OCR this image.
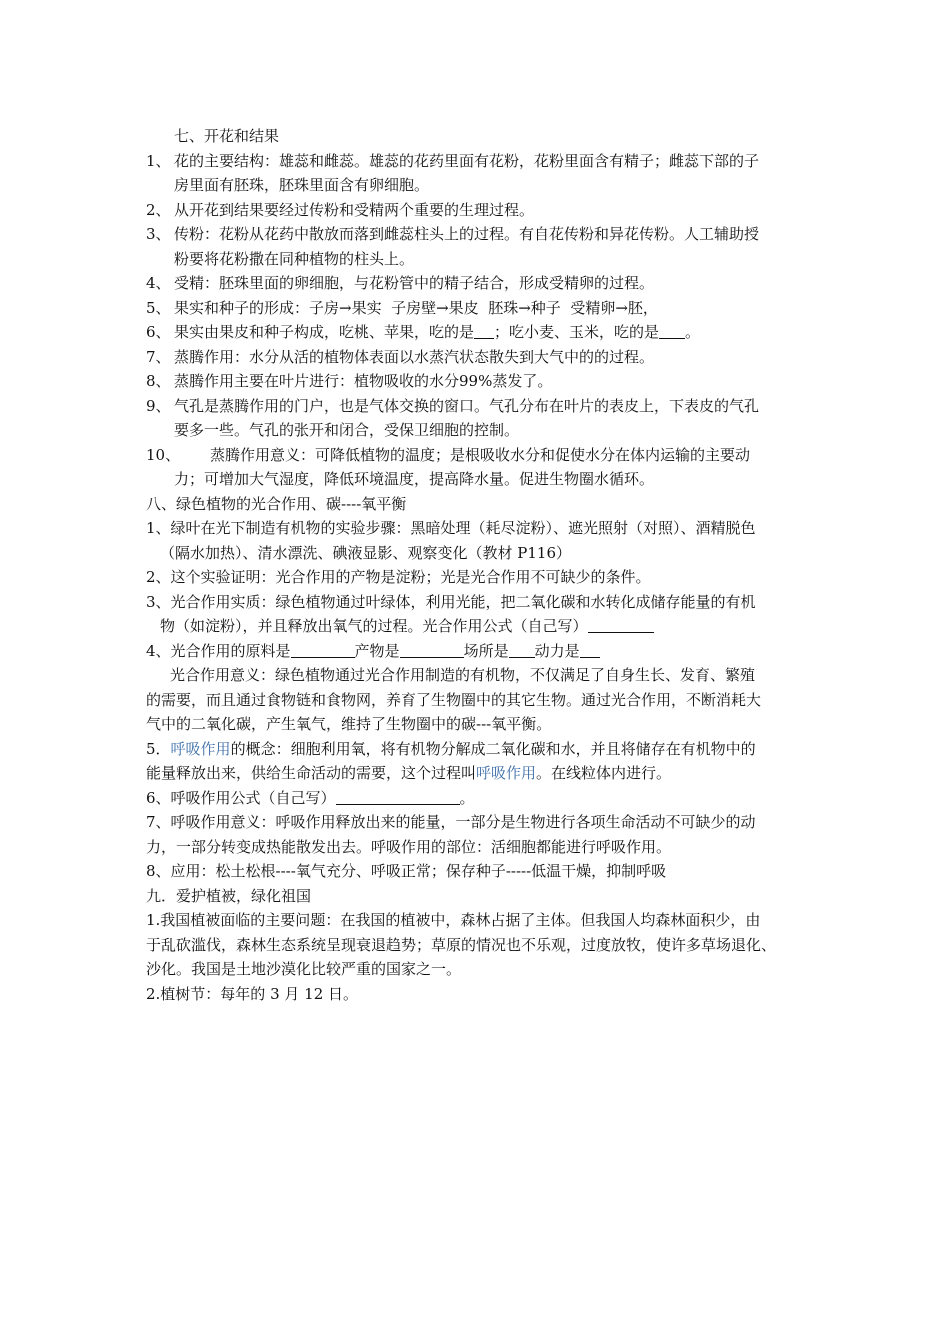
七、开花和结果
1、 花的主要结构：雄蕊和雌蕊。雄蕊的花药里面有花粉，花粉里面含有精子；雌蕊下部的子
房里面有胚珠，胚珠里面含有卵细胞。
2、 从开花到结果要经过传粉和受精两个重要的生理过程。
3、 传粉：花粉从花药中散放而落到雌蕊柱头上的过程。有自花传粉和异花传粉。人工辅助授
粉要将花粉撒在同种植物的柱头上。
4、 受精：胚珠里面的卵细胞，与花粉管中的精子结合，形成受精卵的过程。
5、 果实和种子的形成：子房→果实  子房壁→果皮  胚珠→种子  受精卵→胚，
6、 果实由果皮和种子构成，吃桃、苹果，吃的是 ；吃小麦、玉米，吃的是 。
7、 蒸腾作用：水分从活的植物体表面以水蒸汽状态散失到大气中的的过程。
8、 蒸腾作用主要在叶片进行：植物吸收的水分99%蒸发了。
9、 气孔是蒸腾作用的门户，也是气体交换的窗口。气孔分布在叶片的表皮上，下表皮的气孔
要多一些。气孔的张开和闭合，受保卫细胞的控制。
10、 蒸腾作用意义：可降低植物的温度；是根吸收水分和促使水分在体内运输的主要动
力；可增加大气湿度，降低环境温度，提高降水量。促进生物圈水循环。
八、绿色植物的光合作用、碳----氧平衡
1、绿叶在光下制造有机物的实验步骤：黑暗处理（耗尽淀粉）、遮光照射（对照）、酒精脱色
（隔水加热）、清水漂洗、碘液显影、观察变化（教材 P116）
2、这个实验证明：光合作用的产物是淀粉；光是光合作用不可缺少的条件。
3、光合作用实质：绿色植物通过叶绿体，利用光能，把二氧化碳和水转化成储存能量的有机
物（如淀粉），并且释放出氧气的过程。光合作用公式（自己写）
4、光合作用的原料是	产物是	场所是 动力是
光合作用意义：绿色植物通过光合作用制造的有机物，不仅满足了自身生长、发育、繁殖
的需要，而且通过食物链和食物网，养育了生物圈中的其它生物。通过光合作用，不断消耗大
气中的二氧化碳，产生氧气，维持了生物圈中的碳---氧平衡。
5．呼吸作用的概念：细胞利用氧，将有机物分解成二氧化碳和水，并且将储存在有机物中的
能量释放出来，供给生命活动的需要，这个过程叫呼吸作用。在线粒体内进行。
6、呼吸作用公式（自己写）	。
7、呼吸作用意义：呼吸作用释放出来的能量，一部分是生物进行各项生命活动不可缺少的动
力，一部分转变成热能散发出去。呼吸作用的部位：活细胞都能进行呼吸作用。
8、应用：松土松根----氧气充分、呼吸正常；保存种子-----低温干燥，抑制呼吸
九．爱护植被，绿化祖国
1.我国植被面临的主要问题：在我国的植被中，森林占据了主体。但我国人均森林面积少，由
于乱砍滥伐，森林生态系统呈现衰退趋势；草原的情况也不乐观，过度放牧，使许多草场退化、
沙化。我国是土地沙漠化比较严重的国家之一。
2.植树节：每年的 3 月 12 日。
